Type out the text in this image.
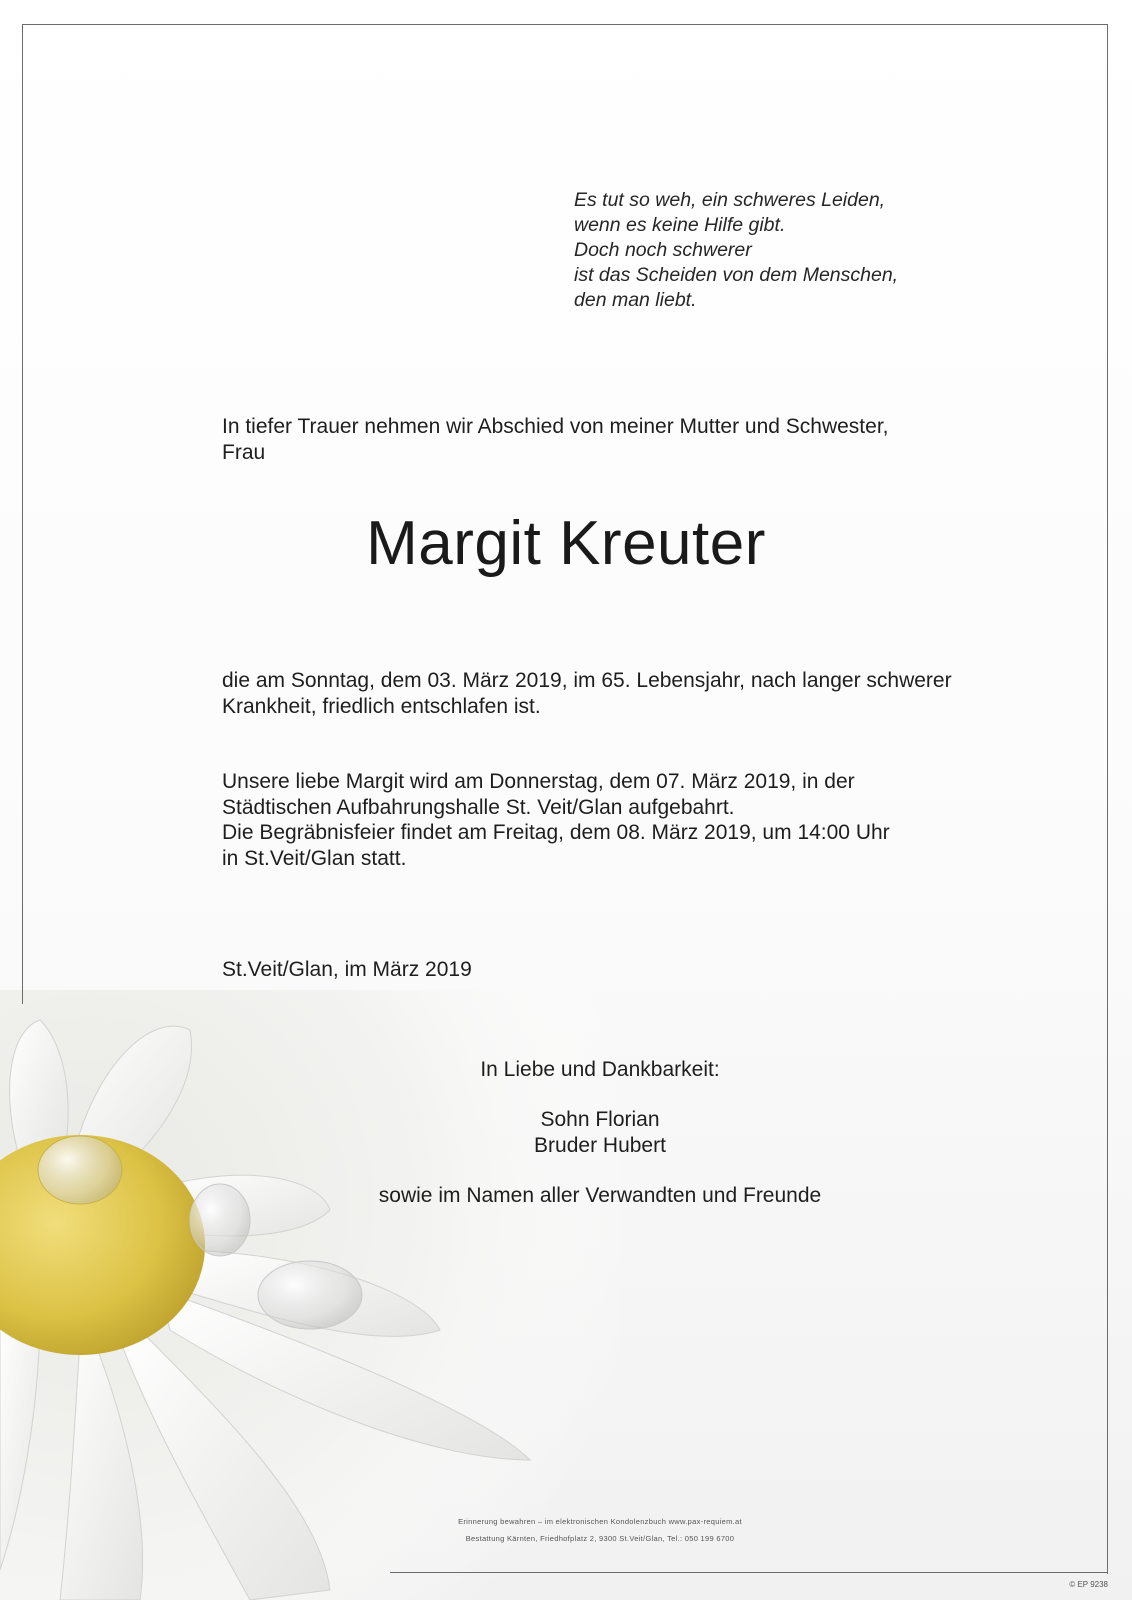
Es tut so weh, ein schweres Leiden,
wenn es keine Hilfe gibt.
Doch noch schwerer
ist das Scheiden von dem Menschen,
den man liebt.
In tiefer Trauer nehmen wir Abschied von meiner Mutter und Schwester,
Frau
Margit Kreuter
die am Sonntag, dem 03. März 2019, im 65. Lebensjahr, nach langer schwerer
Krankheit, friedlich entschlafen ist.
Unsere liebe Margit wird am Donnerstag, dem 07. März 2019, in der
Städtischen Aufbahrungshalle St. Veit/Glan aufgebahrt.
Die Begräbnisfeier findet am Freitag, dem 08. März 2019, um 14:00 Uhr
in St.Veit/Glan statt.
St.Veit/Glan, im März 2019
In Liebe und Dankbarkeit:
Sohn Florian
Bruder Hubert
sowie im Namen aller Verwandten und Freunde
Erinnerung bewahren – im elektronischen Kondolenzbuch www.pax-requiem.at
Bestattung Kärnten, Friedhofplatz 2, 9300 St.Veit/Glan, Tel.: 050 199 6700
© EP 9238
